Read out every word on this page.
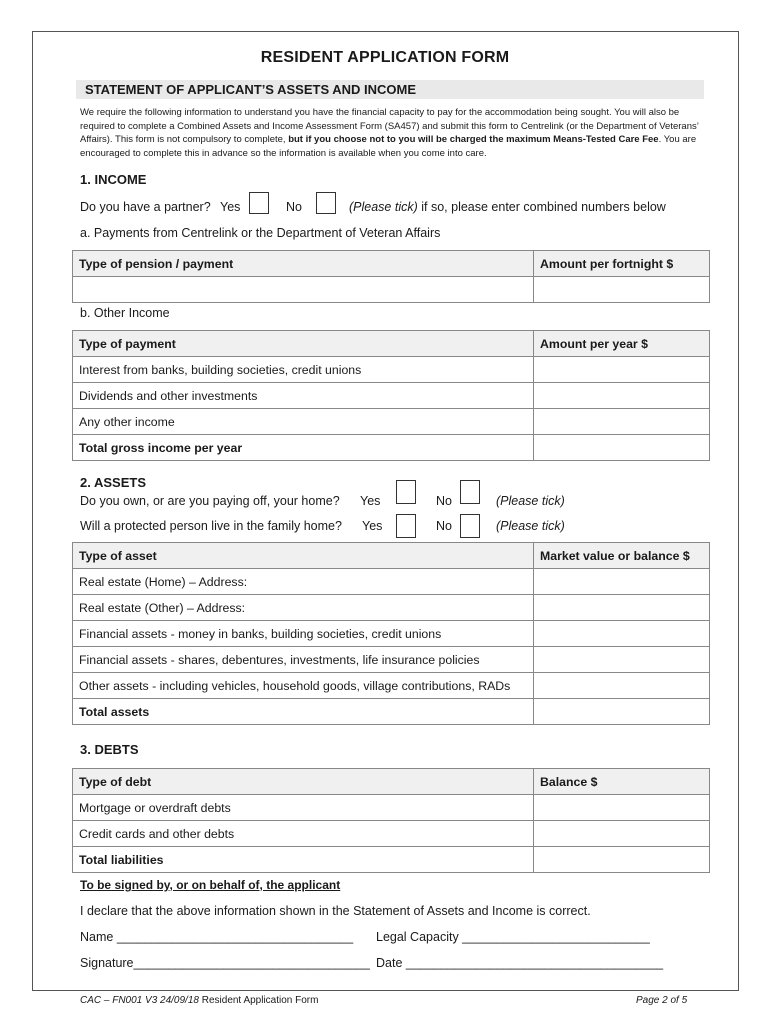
RESIDENT APPLICATION FORM
STATEMENT OF APPLICANT’S ASSETS AND INCOME
We require the following information to understand you have the financial capacity to pay for the accommodation being sought. You will also be required to complete a Combined Assets and Income Assessment Form (SA457) and submit this form to Centrelink (or the Department of Veterans’ Affairs). This form is not compulsory to complete, but if you choose not to you will be charged the maximum Means-Tested Care Fee. You are encouraged to complete this in advance so the information is available when you come into care.
1. INCOME
Do you have a partner? Yes	No	(Please tick) if so, please enter combined numbers below
a. Payments from Centrelink or the Department of Veteran Affairs
Type of pension / payment	Amount per fortnight $

b. Other Income
Type of payment	Amount per year $
Interest from banks, building societies, credit unions	
Dividends and other investments	
Any other income	
Total gross income per year	
2. ASSETS
Do you own, or are you paying off, your home? Yes	No	(Please tick)
Will a protected person live in the family home? Yes	No	(Please tick)
Type of asset	Market value or balance $
Real estate (Home) – Address:	
Real estate (Other) – Address:	
Financial assets - money in banks, building societies, credit unions	
Financial assets - shares, debentures, investments, life insurance policies	
Other assets - including vehicles, household goods, village contributions, RADs	
Total assets	
3. DEBTS
Type of debt	Balance $
Mortgage or overdraft debts	
Credit cards and other debts	
Total liabilities	
To be signed by, or on behalf of, the applicant
I declare that the above information shown in the Statement of Assets and Income is correct.
Name __________________________________ Legal Capacity ___________________________
Signature__________________________________ Date _____________________________________
CAC – FN001 V3 24/09/18 Resident Application Form	Page 2 of 5
